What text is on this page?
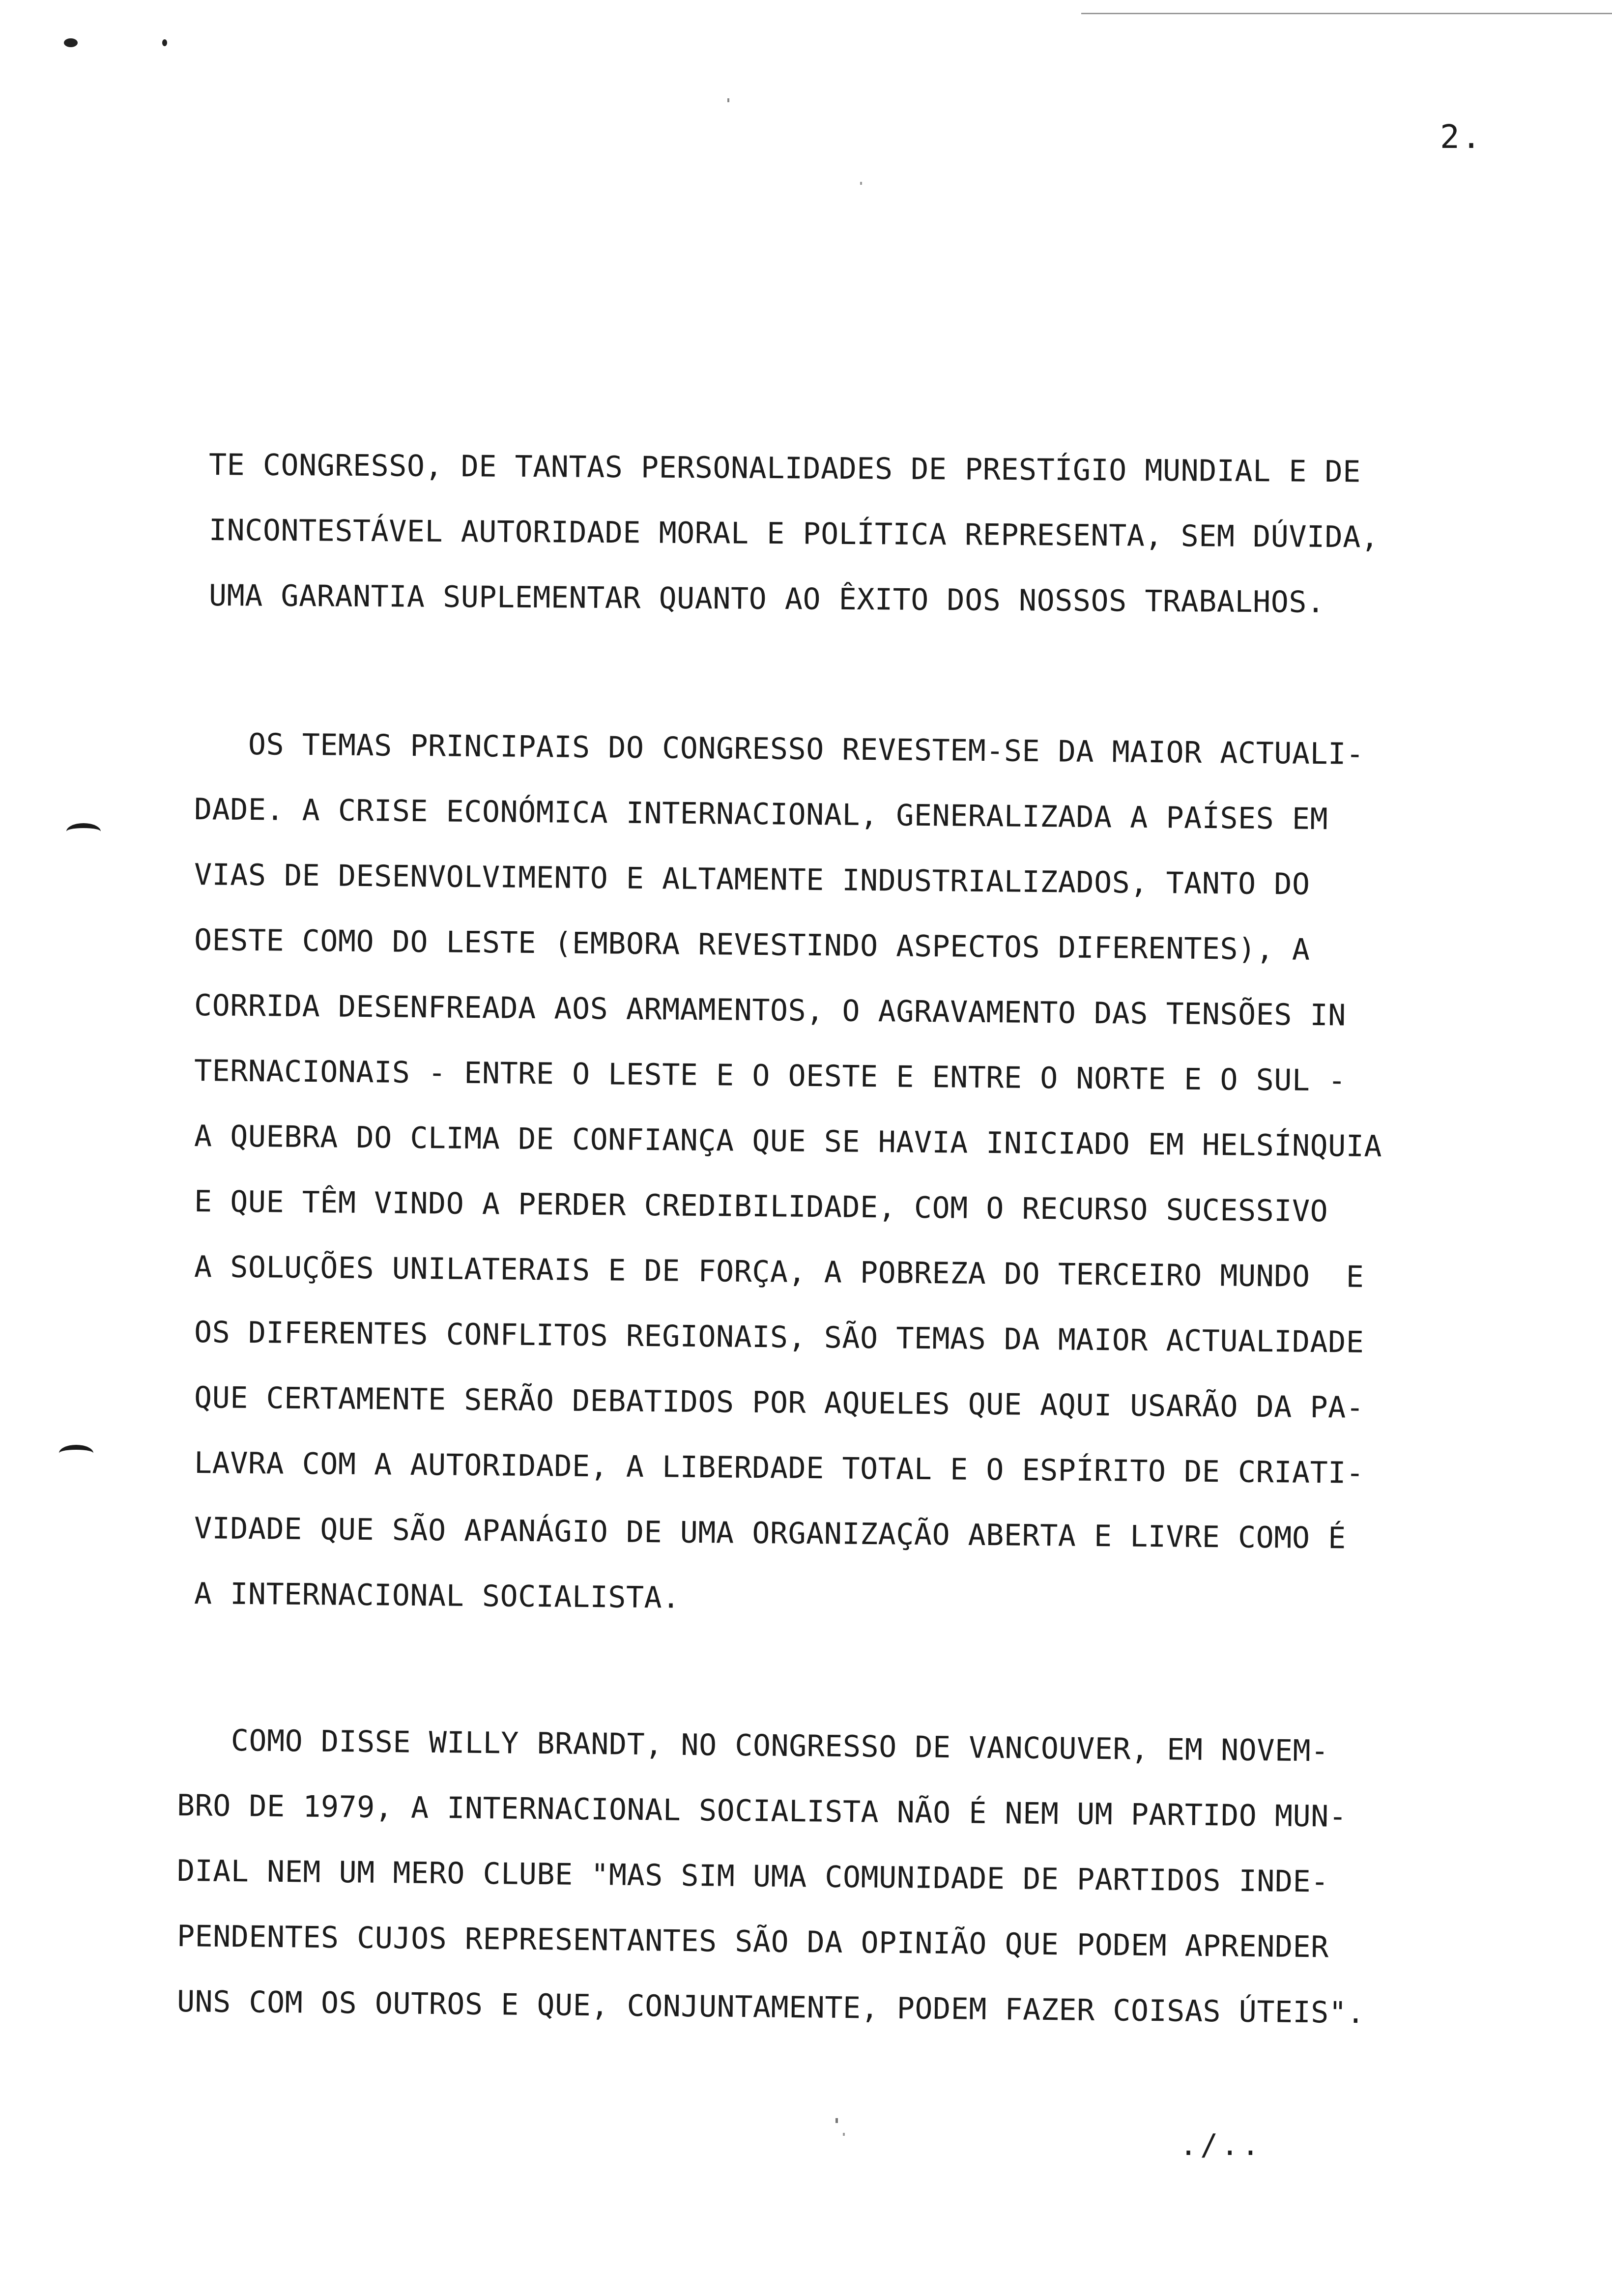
2.
TE CONGRESSO, DE TANTAS PERSONALIDADES DE PRESTÍGIO MUNDIAL E DE
INCONTESTÁVEL AUTORIDADE MORAL E POLÍTICA REPRESENTA, SEM DÚVIDA,
UMA GARANTIA SUPLEMENTAR QUANTO AO ÊXITO DOS NOSSOS TRABALHOS.
OS TEMAS PRINCIPAIS DO CONGRESSO REVESTEM-SE DA MAIOR ACTUALI-
DADE. A CRISE ECONÓMICA INTERNACIONAL, GENERALIZADA A PAÍSES EM
VIAS DE DESENVOLVIMENTO E ALTAMENTE INDUSTRIALIZADOS, TANTO DO
OESTE COMO DO LESTE (EMBORA REVESTINDO ASPECTOS DIFERENTES), A
CORRIDA DESENFREADA AOS ARMAMENTOS, O AGRAVAMENTO DAS TENSÕES IN
TERNACIONAIS - ENTRE O LESTE E O OESTE E ENTRE O NORTE E O SUL -
A QUEBRA DO CLIMA DE CONFIANÇA QUE SE HAVIA INICIADO EM HELSÍNQUIA
E QUE TÊM VINDO A PERDER CREDIBILIDADE, COM O RECURSO SUCESSIVO
A SOLUÇÕES UNILATERAIS E DE FORÇA, A POBREZA DO TERCEIRO MUNDO  E
OS DIFERENTES CONFLITOS REGIONAIS, SÃO TEMAS DA MAIOR ACTUALIDADE
QUE CERTAMENTE SERÃO DEBATIDOS POR AQUELES QUE AQUI USARÃO DA PA-
LAVRA COM A AUTORIDADE, A LIBERDADE TOTAL E O ESPÍRITO DE CRIATI-
VIDADE QUE SÃO APANÁGIO DE UMA ORGANIZAÇÃO ABERTA E LIVRE COMO É
A INTERNACIONAL SOCIALISTA.
COMO DISSE WILLY BRANDT, NO CONGRESSO DE VANCOUVER, EM NOVEM-
BRO DE 1979, A INTERNACIONAL SOCIALISTA NÃO É NEM UM PARTIDO MUN-
DIAL NEM UM MERO CLUBE "MAS SIM UMA COMUNIDADE DE PARTIDOS INDE-
PENDENTES CUJOS REPRESENTANTES SÃO DA OPINIÃO QUE PODEM APRENDER
UNS COM OS OUTROS E QUE, CONJUNTAMENTE, PODEM FAZER COISAS ÚTEIS".
./..
